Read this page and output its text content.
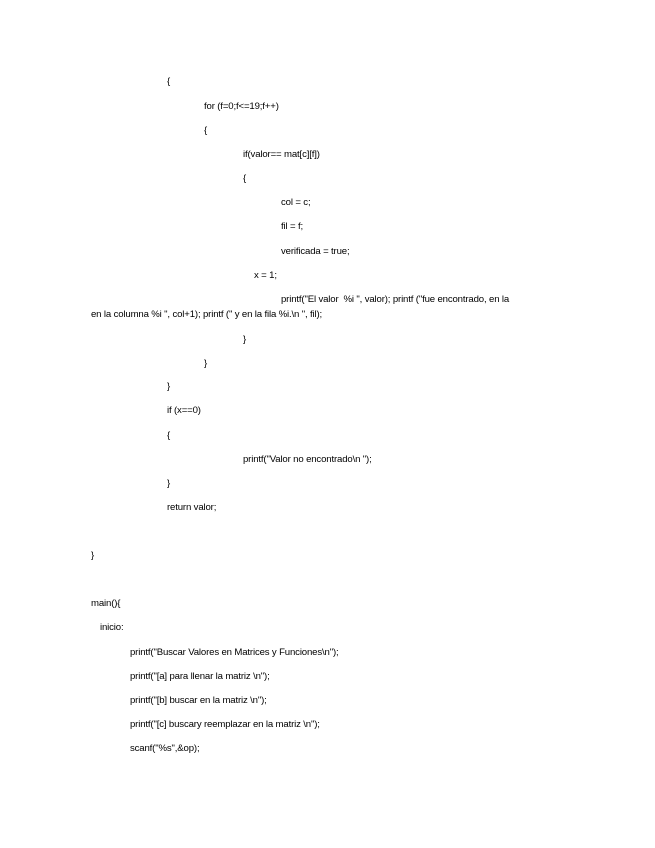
{
for (f=0;f<=19;f++)
{
if(valor== mat[c][f])
{
col = c;
fil = f;
verificada = true;
x = 1;
printf("El valor  %i ", valor); printf ("fue encontrado, en la
en la columna %i ", col+1); printf (" y en la fila %i.\n ", fil);
}
}
}
if (x==0)
{
printf("Valor no encontrado\n ");
}
return valor;
}
main(){
inicio:
printf("Buscar Valores en Matrices y Funciones\n");
printf("[a] para llenar la matriz \n");
printf("[b] buscar en la matriz \n");
printf("[c] buscary reemplazar en la matriz \n");
scanf("%s",&op);
